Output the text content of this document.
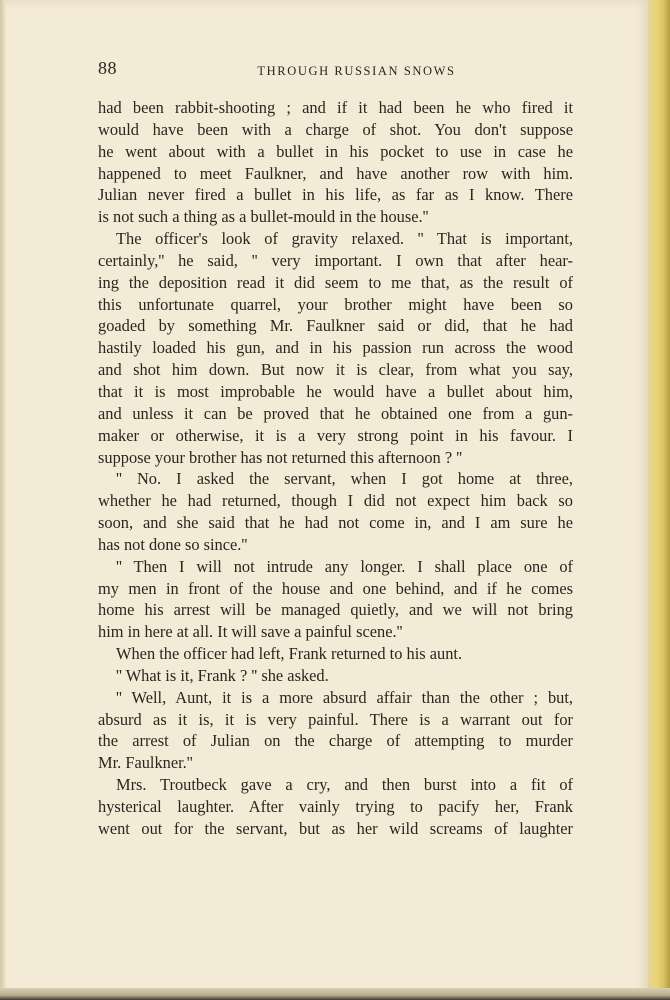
88	THROUGH RUSSIAN SNOWS
had been rabbit-shooting ; and if it had been he who fired it
would have been with a charge of shot. You don't suppose
he went about with a bullet in his pocket to use in case he
happened to meet Faulkner, and have another row with him.
Julian never fired a bullet in his life, as far as I know. There
is not such a thing as a bullet-mould in the house.''
The officer's look of gravity relaxed. '' That is important,
certainly,'' he said, '' very important. I own that after hear-
ing the deposition read it did seem to me that, as the result of
this unfortunate quarrel, your brother might have been so
goaded by something Mr. Faulkner said or did, that he had
hastily loaded his gun, and in his passion run across the wood
and shot him down. But now it is clear, from what you say,
that it is most improbable he would have a bullet about him,
and unless it can be proved that he obtained one from a gun-
maker or otherwise, it is a very strong point in his favour. I
suppose your brother has not returned this afternoon ? ''
'' No. I asked the servant, when I got home at three,
whether he had returned, though I did not expect him back so
soon, and she said that he had not come in, and I am sure he
has not done so since.''
'' Then I will not intrude any longer. I shall place one of
my men in front of the house and one behind, and if he comes
home his arrest will be managed quietly, and we will not bring
him in here at all. It will save a painful scene.''
When the officer had left, Frank returned to his aunt.
'' What is it, Frank ? '' she asked.
'' Well, Aunt, it is a more absurd affair than the other ; but,
absurd as it is, it is very painful. There is a warrant out for
the arrest of Julian on the charge of attempting to murder
Mr. Faulkner.''
Mrs. Troutbeck gave a cry, and then burst into a fit of
hysterical laughter. After vainly trying to pacify her, Frank
went out for the servant, but as her wild screams of laughter
